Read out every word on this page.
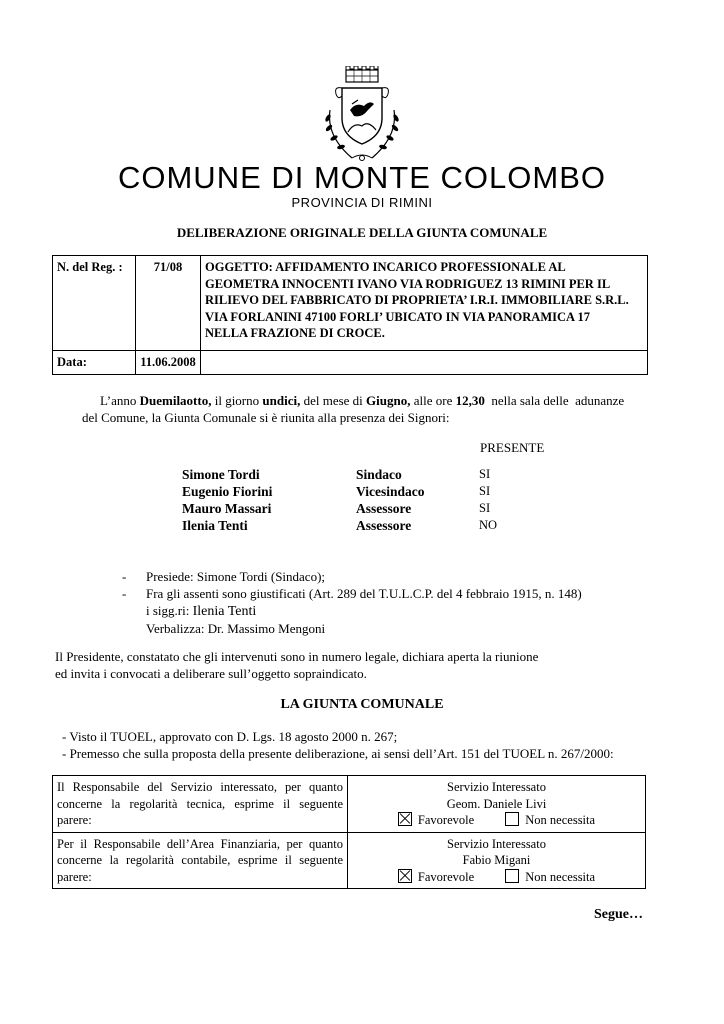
COMUNE DI MONTE COLOMBO
PROVINCIA DI RIMINI
DELIBERAZIONE ORIGINALE DELLA GIUNTA COMUNALE
N. del Reg. :	71/08	OGGETTO: AFFIDAMENTO INCARICO PROFESSIONALE AL
GEOMETRA INNOCENTI IVANO VIA RODRIGUEZ 13 RIMINI PER IL
RILIEVO DEL FABBRICATO DI PROPRIETA’ I.R.I. IMMOBILIARE S.R.L.
VIA FORLANINI 47100 FORLI’ UBICATO IN VIA PANORAMICA 17
NELLA FRAZIONE DI CROCE.

Data:	11.06.2008	
L’anno Duemilaotto, il giorno undici, del mese di Giugno, alle ore 12,30  nella sala delle  adunanze
del Comune, la Giunta Comunale si è riunita alla presenza dei Signori:
PRESENTE
Simone Tordi	Sindaco	SI
Eugenio Fiorini	Vicesindaco	SI
Mauro Massari	Assessore	SI
Ilenia Tenti	Assessore	NO
- Presiede: Simone Tordi (Sindaco);
- Fra gli assenti sono giustificati (Art. 289 del T.U.L.C.P. del 4 febbraio 1915, n. 148)
i sigg.ri: Ilenia Tenti
Verbalizza: Dr. Massimo Mengoni
Il Presidente, constatato che gli intervenuti sono in numero legale, dichiara aperta la riunione
ed invita i convocati a deliberare sull’oggetto sopraindicato.
LA GIUNTA COMUNALE
- Visto il TUOEL, approvato con D. Lgs. 18 agosto 2000 n. 267;
- Premesso che sulla proposta della presente deliberazione, ai sensi dell’Art. 151 del TUOEL n. 267/2000:
Il Responsabile del Servizio interessato, per quanto concerne la regolarità tecnica, esprime il seguente parere:	Servizio Interessato
Geom. Daniele Livi
Favorevole Non necessita

Per il Responsabile dell’Area Finanziaria, per quanto concerne la regolarità contabile, esprime il seguente parere:	Servizio Interessato
Fabio Migani
Favorevole Non necessita
Segue…
